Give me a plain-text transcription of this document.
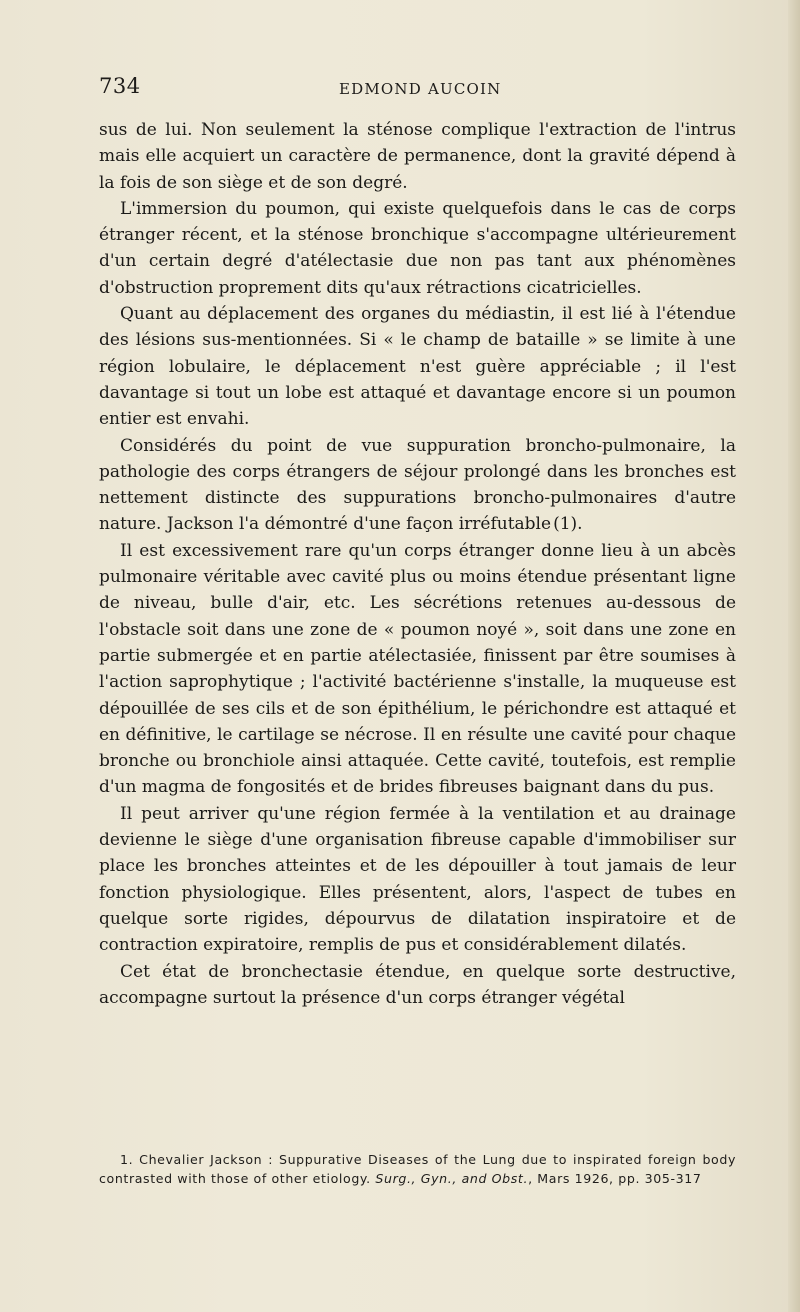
734	EDMOND AUCOIN

sus de lui. Non seulement la sténose complique l'extraction de l'intrus mais elle acquiert un caractère de permanence, dont la gravité dépend à la fois de son siège et de son degré.

L'immersion du poumon, qui existe quelquefois dans le cas de corps étranger récent, et la sténose bronchique s'accompagne ultérieurement d'un certain degré d'atélectasie due non pas tant aux phénomènes d'obstruction proprement dits qu'aux rétractions cicatricielles.

Quant au déplacement des organes du médiastin, il est lié à l'étendue des lésions sus-mentionnées. Si « le champ de bataille » se limite à une région lobulaire, le déplacement n'est guère appréciable ; il l'est davantage si tout un lobe est attaqué et davantage encore si un poumon entier est envahi.

Considérés du point de vue suppuration broncho-pulmonaire, la pathologie des corps étrangers de séjour prolongé dans les bronches est nettement distincte des suppurations broncho-pulmonaires d'autre nature. Jackson l'a démontré d'une façon irréfutable (1).

Il est excessivement rare qu'un corps étranger donne lieu à un abcès pulmonaire véritable avec cavité plus ou moins étendue présentant ligne de niveau, bulle d'air, etc. Les sécrétions retenues au-dessous de l'obstacle soit dans une zone de « poumon noyé », soit dans une zone en partie submergée et en partie atélectasiée, finissent par être soumises à l'action saprophytique ; l'activité bactérienne s'installe, la muqueuse est dépouillée de ses cils et de son épithélium, le périchondre est attaqué et en définitive, le cartilage se nécrose. Il en résulte une cavité pour chaque bronche ou bronchiole ainsi attaquée. Cette cavité, toutefois, est remplie d'un magma de fongosités et de brides fibreuses baignant dans du pus.

Il peut arriver qu'une région fermée à la ventilation et au drainage devienne le siège d'une organisation fibreuse capable d'immobiliser sur place les bronches atteintes et de les dépouiller à tout jamais de leur fonction physiologique. Elles présentent, alors, l'aspect de tubes en quelque sorte rigides, dépourvus de dilatation inspiratoire et de contraction expiratoire, remplis de pus et considérablement dilatés.

Cet état de bronchectasie étendue, en quelque sorte destructive, accompagne surtout la présence d'un corps étranger végétal

1. Chevalier Jackson : Suppurative Diseases of the Lung due to inspirated foreign body contrasted with those of other etiology. Surg., Gyn., and Obst., Mars 1926, pp. 305-317
